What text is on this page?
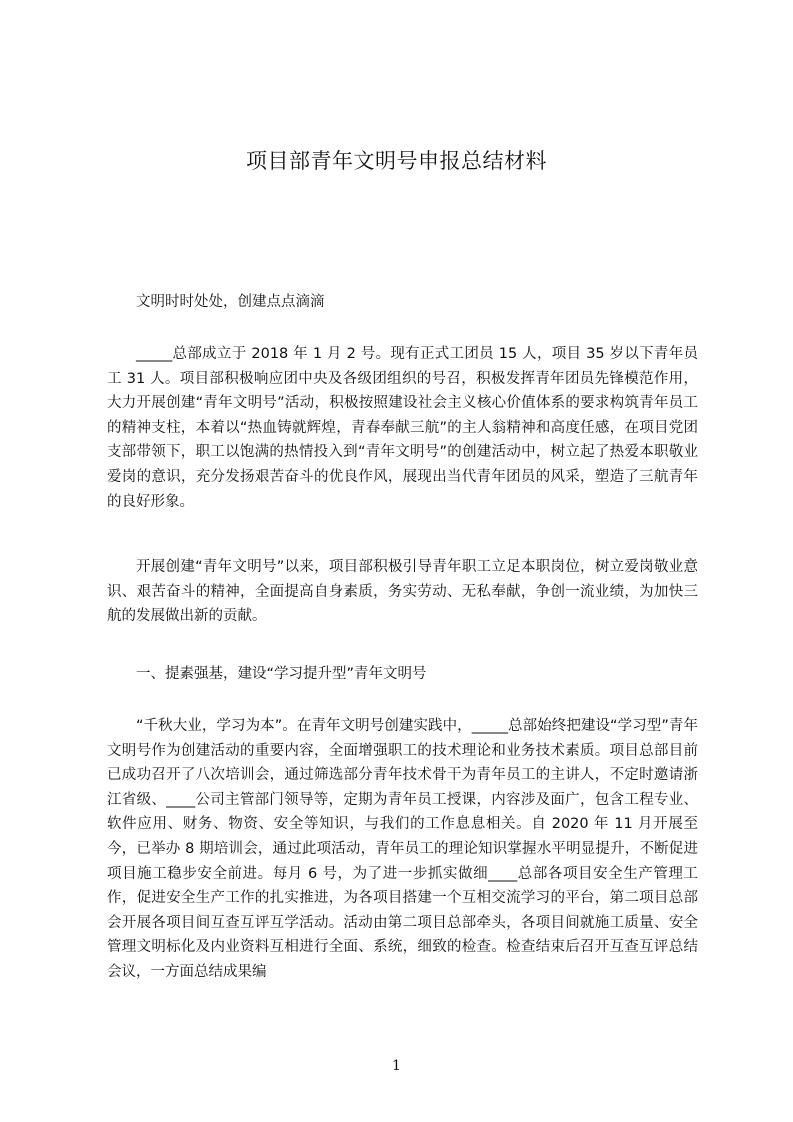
项目部青年文明号申报总结材料

文明时时处处，创建点点滴滴

_____总部成立于 2018 年 1 月 2 号。现有正式工团员 15 人，项目 35 岁以下青年员工 31 人。项目部积极响应团中央及各级团组织的号召，积极发挥青年团员先锋模范作用，大力开展创建“青年文明号”活动，积极按照建设社会主义核心价值体系的要求构筑青年员工的精神支柱，本着以“热血铸就辉煌，青春奉献三航”的主人翁精神和高度任感，在项目党团支部带领下，职工以饱满的热情投入到“青年文明号”的创建活动中，树立起了热爱本职敬业爱岗的意识，充分发扬艰苦奋斗的优良作风，展现出当代青年团员的风采，塑造了三航青年的良好形象。

开展创建“青年文明号”以来，项目部积极引导青年职工立足本职岗位，树立爱岗敬业意识、艰苦奋斗的精神，全面提高自身素质，务实劳动、无私奉献，争创一流业绩，为加快三航的发展做出新的贡献。

一、提素强基，建设“学习提升型”青年文明号

“千秋大业，学习为本”。在青年文明号创建实践中，_____总部始终把建设“学习型”青年文明号作为创建活动的重要内容，全面增强职工的技术理论和业务技术素质。项目总部目前已成功召开了八次培训会，通过筛选部分青年技术骨干为青年员工的主讲人，不定时邀请浙江省级、____公司主管部门领导等，定期为青年员工授课，内容涉及面广，包含工程专业、软件应用、财务、物资、安全等知识，与我们的工作息息相关。自 2020 年 11 月开展至今，已举办 8 期培训会，通过此项活动，青年员工的理论知识掌握水平明显提升，不断促进项目施工稳步安全前进。每月 6 号，为了进一步抓实做细____总部各项目安全生产管理工作，促进安全生产工作的扎实推进，为各项目搭建一个互相交流学习的平台，第二项目总部会开展各项目间互查互评互学活动。活动由第二项目总部牵头，各项目间就施工质量、安全管理文明标化及内业资料互相进行全面、系统，细致的检查。检查结束后召开互查互评总结会议，一方面总结成果编

1
